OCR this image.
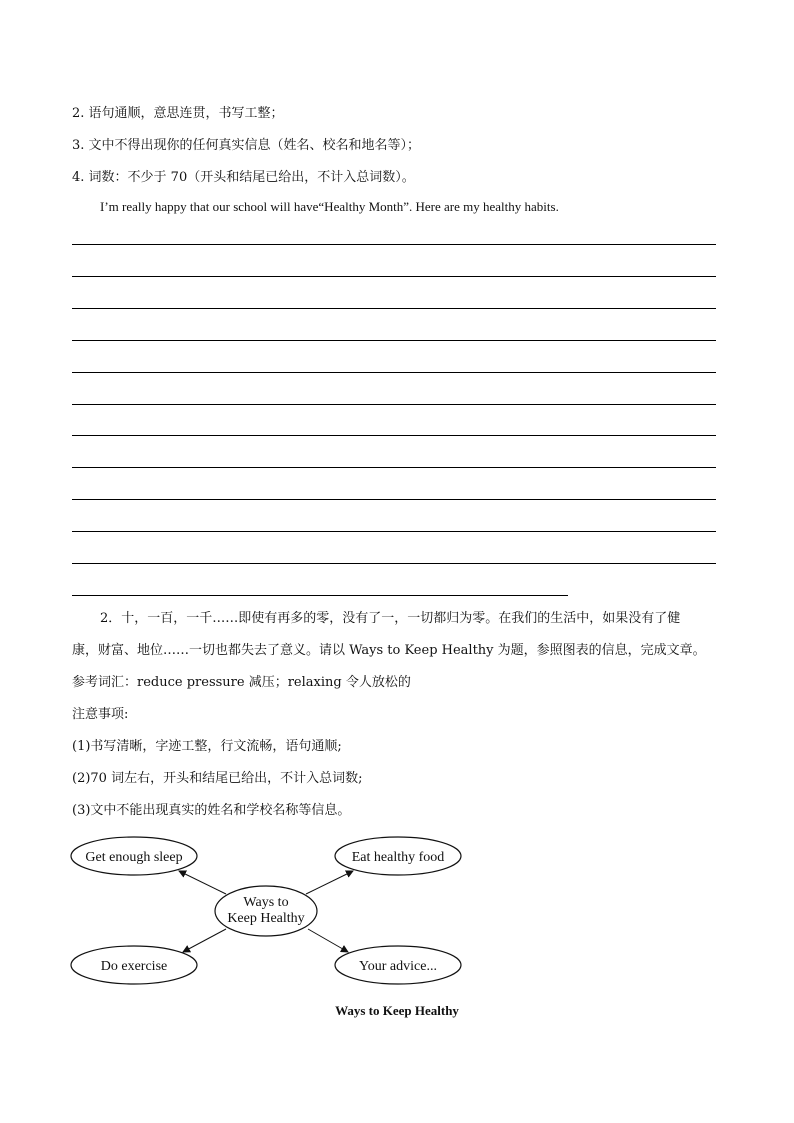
2. 语句通顺，意思连贯，书写工整；
3. 文中不得出现你的任何真实信息（姓名、校名和地名等）；
4. 词数：不少于 70（开头和结尾已给出，不计入总词数）。
I’m really happy that our school will have“Healthy Month”. Here are my healthy habits.
2．十，一百，一千……即使有再多的零，没有了一，一切都归为零。在我们的生活中，如果没有了健
康，财富、地位……一切也都失去了意义。请以 Ways to Keep Healthy 为题，参照图表的信息，完成文章。
参考词汇：reduce pressure 减压；relaxing 令人放松的
注意事项:
(1)书写清晰，字迹工整，行文流畅，语句通顺;
(2)70 词左右，开头和结尾已给出，不计入总词数;
(3)文中不能出现真实的姓名和学校名称等信息。
Get enough sleep	Eat healthy food
Ways to
Keep Healthy
Do exercise	Your advice...
Ways to Keep Healthy
